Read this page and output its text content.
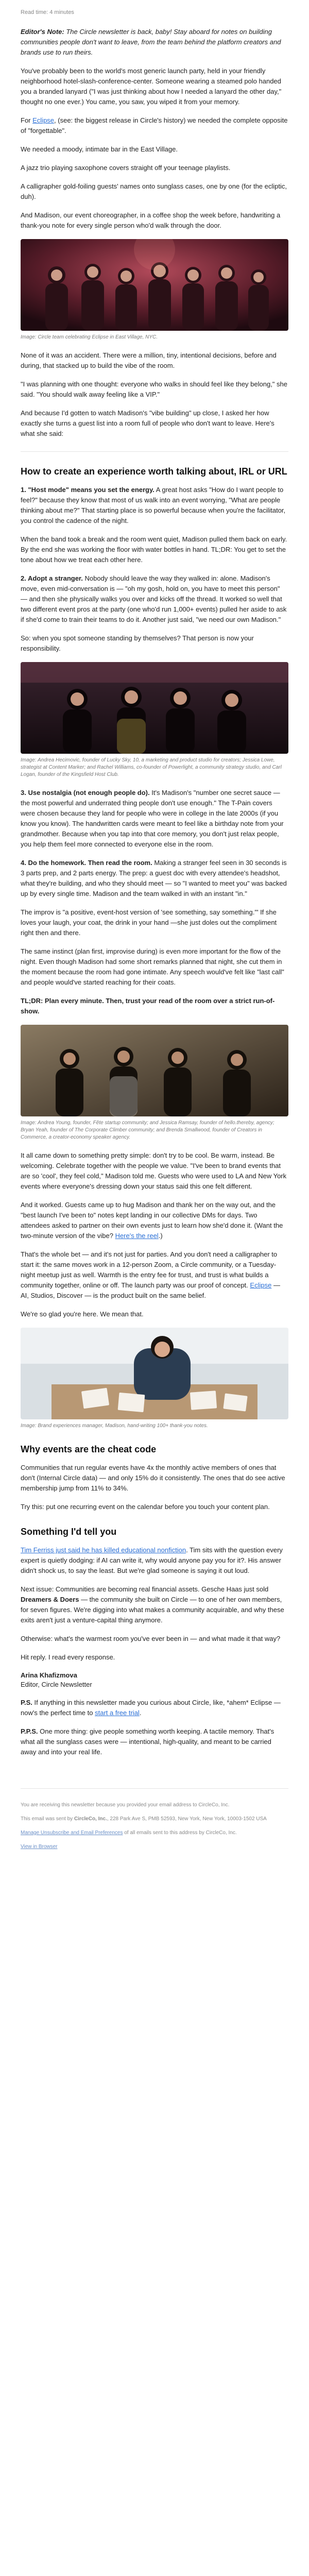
Read time: 4 minutes

Editor's Note: The Circle newsletter is back, baby! Stay aboard for notes on building communities people don't want to leave, from the team behind the platform creators and brands use to run theirs.

You've probably been to the world's most generic launch party, held in your friendly neighborhood hotel-slash-conference-center. Someone wearing a steamed polo handed you a branded lanyard ("I was just thinking about how I needed a lanyard the other day," thought no one ever.) You came, you saw, you wiped it from your memory.

For Eclipse, (see: the biggest release in Circle's history) we needed the complete opposite of "forgettable".

We needed a moody, intimate bar in the East Village.

A jazz trio playing saxophone covers straight off your teenage playlists.

A calligrapher gold-foiling guests' names onto sunglass cases, one by one (for the ecliptic, duh).

And Madison, our event choreographer, in a coffee shop the week before, handwriting a thank-you note for every single person who'd walk through the door.

Image: Circle team celebrating Eclipse in East Village, NYC.

None of it was an accident. There were a million, tiny, intentional decisions, before and during, that stacked up to build the vibe of the room.

"I was planning with one thought: everyone who walks in should feel like they belong," she said. "You should walk away feeling like a VIP."

And because I'd gotten to watch Madison's "vibe building" up close, I asked her how exactly she turns a guest list into a room full of people who don't want to leave. Here's what she said:

How to create an experience worth talking about, IRL or URL

1. "Host mode" means you set the energy. A great host asks "How do I want people to feel?" because they know that most of us walk into an event worrying, "What are people thinking about me?" That starting place is so powerful because when you're the facilitator, you control the cadence of the night.

When the band took a break and the room went quiet, Madison pulled them back on early. By the end she was working the floor with water bottles in hand. TL;DR: You get to set the tone about how we treat each other here.

2. Adopt a stranger. Nobody should leave the way they walked in: alone. Madison's move, even mid-conversation is — "oh my gosh, hold on, you have to meet this person" — and then she physically walks you over and kicks off the thread. It worked so well that two different event pros at the party (one who'd run 1,000+ events) pulled her aside to ask if she'd come to train their teams to do it. Another just said, "we need our own Madison."

So: when you spot someone standing by themselves? That person is now your responsibility.

Image: Andrea Hecimovic, founder of Lucky Sky, 10, a marketing and product studio for creators; Jessica Lowe, strategist at Content Marker; and Rachel Williams, co-founder of Powerlight, a community strategy studio, and Carl Logan, founder of the Kingsfield Host Club.

3. Use nostalgia (not enough people do). It's Madison's "number one secret sauce — the most powerful and underrated thing people don't use enough." The T-Pain covers were chosen because they land for people who were in college in the late 2000s (if you know you know). The handwritten cards were meant to feel like a birthday note from your grandmother. Because when you tap into that core memory, you don't just relax people, you help them feel more connected to everyone else in the room.

4. Do the homework. Then read the room. Making a stranger feel seen in 30 seconds is 3 parts prep, and 2 parts energy. The prep: a guest doc with every attendee's headshot, what they're building, and who they should meet — so "I wanted to meet you" was backed up by every single time. Madison and the team walked in with an instant "in."

The improv is "a positive, event-host version of 'see something, say something.'" If she loves your laugh, your coat, the drink in your hand —she just doles out the compliment right then and there.

The same instinct (plan first, improvise during) is even more important for the flow of the night. Even though Madison had some short remarks planned that night, she cut them in the moment because the room had gone intimate. Any speech would've felt like "last call" and people would've started reaching for their coats.

TL;DR: Plan every minute. Then, trust your read of the room over a strict run-of-show.

Image: Andrea Young, founder, Fête startup community; and Jessica Ramsay, founder of hello.thereby, agency; Bryan Yeah, founder of The Corporate Climber community; and Brenda Smallwood, founder of Creators in Commerce, a creator-economy speaker agency.

It all came down to something pretty simple: don't try to be cool. Be warm, instead. Be welcoming. Celebrate together with the people we value. "I've been to brand events that are so 'cool', they feel cold," Madison told me. Guests who were used to LA and New York events where everyone's dressing down your status said this one felt different.

And it worked. Guests came up to hug Madison and thank her on the way out, and the "best launch I've been to" notes kept landing in our collective DMs for days. Two attendees asked to partner on their own events just to learn how she'd done it. (Want the two-minute version of the vibe? Here's the reel.)

That's the whole bet — and it's not just for parties. And you don't need a calligrapher to start it: the same moves work in a 12-person Zoom, a Circle community, or a Tuesday-night meetup just as well. Warmth is the entry fee for trust, and trust is what builds a community together, online or off. The launch party was our proof of concept. Eclipse — AI, Studios, Discover — is the product built on the same belief.

We're so glad you're here. We mean that.

Image: Brand experiences manager, Madison, hand-writing 100+ thank-you notes.
Why events are the cheat code

Communities that run regular events have 4x the monthly active members of ones that don't (Internal Circle data) — and only 15% do it consistently. The ones that do see active membership jump from 11% to 34%.

Try this: put one recurring event on the calendar before you touch your content plan.

Something I'd tell you

Tim Ferriss just said he has killed educational nonfiction. Tim sits with the question every expert is quietly dodging: if AI can write it, why would anyone pay you for it?. His answer didn't shock us, to say the least. But we're glad someone is saying it out loud.

Next issue: Communities are becoming real financial assets. Gesche Haas just sold Dreamers & Doers — the community she built on Circle — to one of her own members, for seven figures. We're digging into what makes a community acquirable, and why these exits aren't just a venture-capital thing anymore.

Otherwise: what's the warmest room you've ever been in — and what made it that way?

Hit reply. I read every response.

Arina Khafizmova

Editor, Circle Newsletter

P.S. If anything in this newsletter made you curious about Circle, like, *ahem* Eclipse — now's the perfect time to start a free trial.

P.P.S. One more thing: give people something worth keeping. A tactile memory. That's what all the sunglass cases were — intentional, high-quality, and meant to be carried away and into your real life.

You are receiving this newsletter because you provided your email address to CircleCo, Inc.

This email was sent by CircleCo, Inc., 228 Park Ave S, PMB 52593, New York, New York, 10003-1502 USA

Manage Unsubscribe and Email Preferences of all emails sent to this address by CircleCo, Inc.

View in Browser
